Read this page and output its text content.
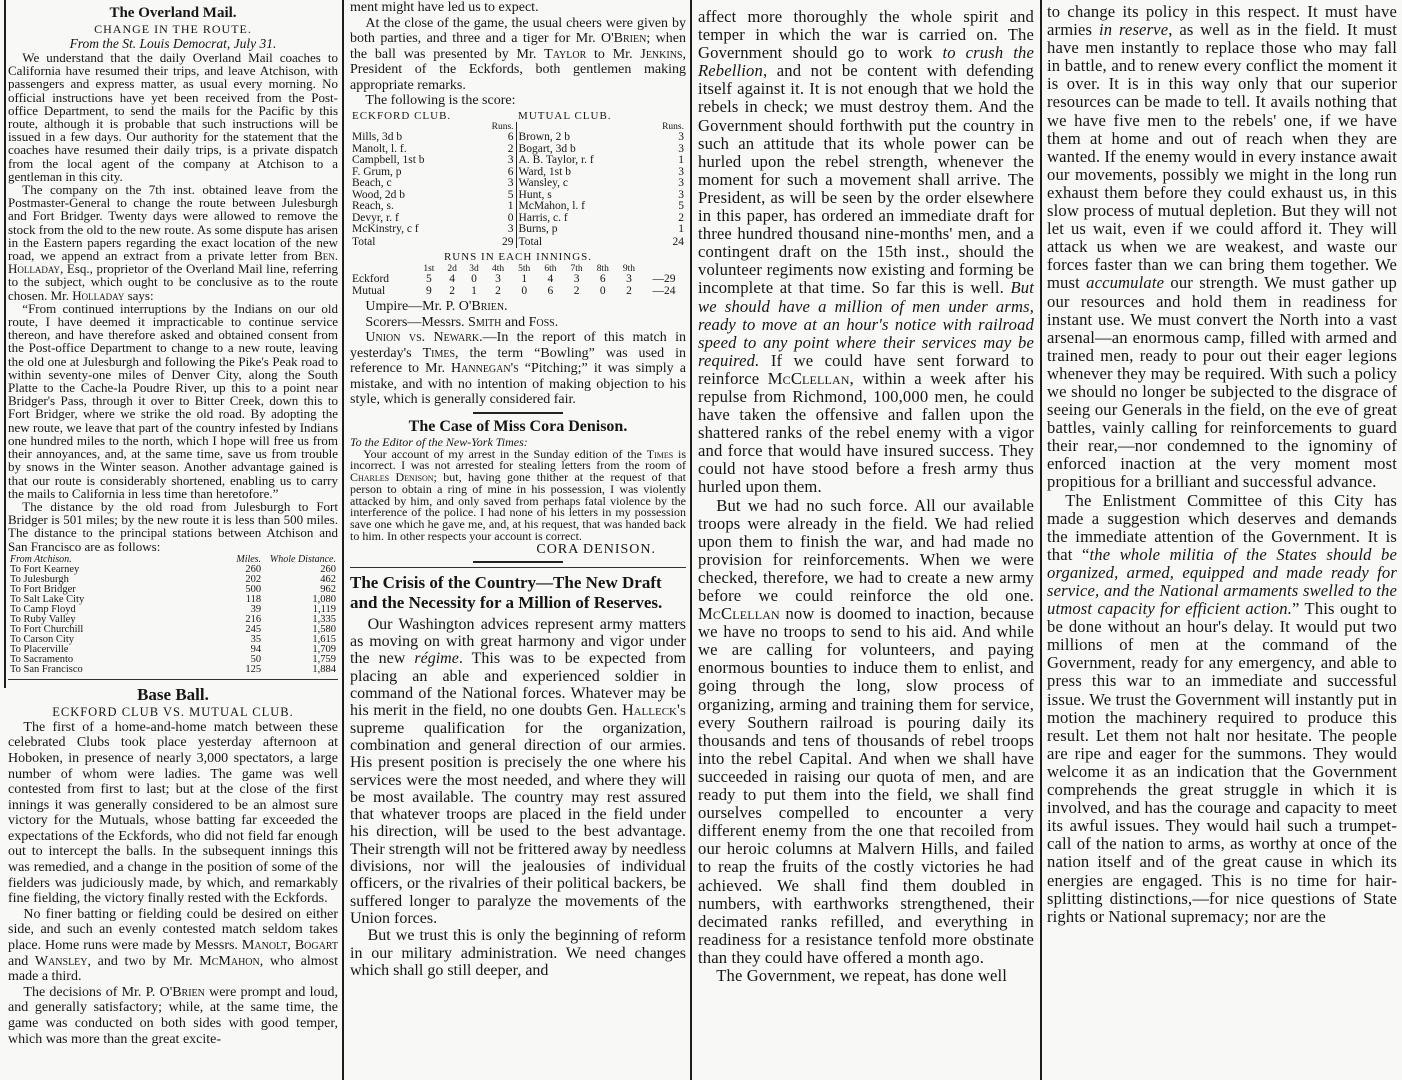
The Overland Mail.
CHANGE IN THE ROUTE.
From the St. Louis Democrat, July 31.

We understand that the daily Overland Mail coaches to California have resumed their trips, and leave Atchison, with passengers and express matter, as usual every morning. No official instructions have yet been received from the Post-office Department, to send the mails for the Pacific by this route, although it is probable that such instructions will be issued in a few days. Our authority for the statement that the coaches have resumed their daily trips, is a private dispatch from the local agent of the company at Atchison to a gentleman in this city.

The company on the 7th inst. obtained leave from the Postmaster-General to change the route between Julesburgh and Fort Bridger. Twenty days were allowed to remove the stock from the old to the new route. As some dispute has arisen in the Eastern papers regarding the exact location of the new road, we append an extract from a private letter from Ben. Holladay, Esq., proprietor of the Overland Mail line, referring to the subject, which ought to be conclusive as to the route chosen. Mr. Holladay says:

“From continued interruptions by the Indians on our old route, I have deemed it impracticable to continue service thereon, and have therefore asked and obtained consent from the Post-office Department to change to a new route, leaving the old one at Julesburgh and following the Pike's Peak road to within seventy-one miles of Denver City, along the South Platte to the Cache-la Poudre River, up this to a point near Bridger's Pass, through it over to Bitter Creek, down this to Fort Bridger, where we strike the old road. By adopting the new route, we leave that part of the country infested by Indians one hundred miles to the north, which I hope will free us from their annoyances, and, at the same time, save us from trouble by snows in the Winter season. Another advantage gained is that our route is considerably shortened, enabling us to carry the mails to California in less time than heretofore.”

The distance by the old road from Julesburgh to Fort Bridger is 501 miles; by the new route it is less than 500 miles. The distance to the principal stations between Atchison and San Francisco are as follows:

From Atchison.	Miles.	Whole Distance.
To Fort Kearney	260	260
To Julesburgh	202	462
To Fort Bridger	500	962
To Salt Lake City	118	1,080
To Camp Floyd	39	1,119
To Ruby Valley	216	1,335
To Fort Churchill	245	1,580
To Carson City	35	1,615
To Placerville	94	1,709
To Sacramento	50	1,759
To San Francisco	125	1,884
Base Ball.
ECKFORD CLUB VS. MUTUAL CLUB.

The first of a home-and-home match between these celebrated Clubs took place yesterday afternoon at Hoboken, in presence of nearly 3,000 spectators, a large number of whom were ladies. The game was well contested from first to last; but at the close of the first innings it was generally considered to be an almost sure victory for the Mutuals, whose batting far exceeded the expectations of the Eckfords, who did not field far enough out to intercept the balls. In the subsequent innings this was remedied, and a change in the position of some of the fielders was judiciously made, by which, and remarkably fine fielding, the victory finally rested with the Eckfords.

No finer batting or fielding could be desired on either side, and such an evenly contested match seldom takes place. Home runs were made by Messrs. Manolt, Bogart and Wansley, and two by Mr. McMahon, who almost made a third.

The decisions of Mr. P. O'Brien were prompt and loud, and generally satisfactory; while, at the same time, the game was conducted on both sides with good temper, which was more than the great excite-

ment might have led us to expect.

At the close of the game, the usual cheers were given by both parties, and three and a tiger for Mr. O'Brien; when the ball was presented by Mr. Taylor to Mr. Jenkins, President of the Eckfords, both gentlemen making appropriate remarks.

The following is the score:

ECKFORD CLUB.		MUTUAL CLUB.	
	Runs.		Runs.
Mills, 3d b	6	Brown, 2 b	3
Manolt, l. f.	2	Bogart, 3d b	3
Campbell, 1st b	3	A. B. Taylor, r. f	1
F. Grum, p	6	Ward, 1st b	3
Beach, c	3	Wansley, c	3
Wood, 2d b	5	Hunt, s	3
Reach, s.	1	McMahon, l. f	5
Devyr, r. f	0	Harris, c. f	2
McKinstry, c f	3	Burns, p	1
Total	29	Total	24
RUNS IN EACH INNINGS.
	1st	2d	3d	4th	5th	6th	7th	8th	9th	
Eckford	5	4	0	3	1	4	3	6	3	—29
Mutual	9	2	1	2	0	6	2	0	2	—24

Umpire—Mr. P. O'Brien.

Scorers—Messrs. Smith and Foss.

Union vs. Newark.—In the report of this match in yesterday's Times, the term “Bowling” was used in reference to Mr. Hannegan's “Pitching;” it was simply a mistake, and with no intention of making objection to his style, which is generally considered fair.

The Case of Miss Cora Denison.
To the Editor of the New-York Times:

Your account of my arrest in the Sunday edition of the Times is incorrect. I was not arrested for stealing letters from the room of Charles Denison; but, having gone thither at the request of that person to obtain a ring of mine in his possession, I was violently attacked by him, and only saved from perhaps fatal violence by the interference of the police. I had none of his letters in my possession save one which he gave me, and, at his request, that was handed back to him. In other respects your account is correct.

CORA DENISON.
The Crisis of the Country—The New Draft and the Necessity for a Million of Reserves.

Our Washington advices represent army matters as moving on with great harmony and vigor under the new régime. This was to be expected from placing an able and experienced soldier in command of the National forces. Whatever may be his merit in the field, no one doubts Gen. Halleck's supreme qualification for the organization, combination and general direction of our armies. His present position is precisely the one where his services were the most needed, and where they will be most available. The country may rest assured that whatever troops are placed in the field under his direction, will be used to the best advantage. Their strength will not be frittered away by needless divisions, nor will the jealousies of individual officers, or the rivalries of their political backers, be suffered longer to paralyze the movements of the Union forces.

But we trust this is only the beginning of reform in our military administration. We need changes which shall go still deeper, and

affect more thoroughly the whole spirit and temper in which the war is carried on. The Government should go to work to crush the Rebellion, and not be content with defending itself against it. It is not enough that we hold the rebels in check; we must destroy them. And the Government should forthwith put the country in such an attitude that its whole power can be hurled upon the rebel strength, whenever the moment for such a movement shall arrive. The President, as will be seen by the order elsewhere in this paper, has ordered an immediate draft for three hundred thousand nine-months' men, and a contingent draft on the 15th inst., should the volunteer regiments now existing and forming be incomplete at that time. So far this is well. But we should have a million of men under arms, ready to move at an hour's notice with railroad speed to any point where their services may be required. If we could have sent forward to reinforce McClellan, within a week after his repulse from Richmond, 100,000 men, he could have taken the offensive and fallen upon the shattered ranks of the rebel enemy with a vigor and force that would have insured success. They could not have stood before a fresh army thus hurled upon them.

But we had no such force. All our available troops were already in the field. We had relied upon them to finish the war, and had made no provision for reinforcements. When we were checked, therefore, we had to create a new army before we could reinforce the old one. McClellan now is doomed to inaction, because we have no troops to send to his aid. And while we are calling for volunteers, and paying enormous bounties to induce them to enlist, and going through the long, slow process of organizing, arming and training them for service, every Southern railroad is pouring daily its thousands and tens of thousands of rebel troops into the rebel Capital. And when we shall have succeeded in raising our quota of men, and are ready to put them into the field, we shall find ourselves compelled to encounter a very different enemy from the one that recoiled from our heroic columns at Malvern Hills, and failed to reap the fruits of the costly victories he had achieved. We shall find them doubled in numbers, with earthworks strengthened, their decimated ranks refilled, and everything in readiness for a resistance tenfold more obstinate than they could have offered a month ago.

The Government, we repeat, has done well

to change its policy in this respect. It must have armies in reserve, as well as in the field. It must have men instantly to replace those who may fall in battle, and to renew every conflict the moment it is over. It is in this way only that our superior resources can be made to tell. It avails nothing that we have five men to the rebels' one, if we have them at home and out of reach when they are wanted. If the enemy would in every instance await our movements, possibly we might in the long run exhaust them before they could exhaust us, in this slow process of mutual depletion. But they will not let us wait, even if we could afford it. They will attack us when we are weakest, and waste our forces faster than we can bring them together. We must accumulate our strength. We must gather up our resources and hold them in readiness for instant use. We must convert the North into a vast arsenal—an enormous camp, filled with armed and trained men, ready to pour out their eager legions whenever they may be required. With such a policy we should no longer be subjected to the disgrace of seeing our Generals in the field, on the eve of great battles, vainly calling for reinforcements to guard their rear,—nor condemned to the ignominy of enforced inaction at the very moment most propitious for a brilliant and successful advance.

The Enlistment Committee of this City has made a suggestion which deserves and demands the immediate attention of the Government. It is that “the whole militia of the States should be organized, armed, equipped and made ready for service, and the National armaments swelled to the utmost capacity for efficient action.” This ought to be done without an hour's delay. It would put two millions of men at the command of the Government, ready for any emergency, and able to press this war to an immediate and successful issue. We trust the Government will instantly put in motion the machinery required to produce this result. Let them not halt nor hesitate. The people are ripe and eager for the summons. They would welcome it as an indication that the Government comprehends the great struggle in which it is involved, and has the courage and capacity to meet its awful issues. They would hail such a trumpet-call of the nation to arms, as worthy at once of the nation itself and of the great cause in which its energies are engaged. This is no time for hair-splitting distinctions,—for nice questions of State rights or National supremacy; nor are the
